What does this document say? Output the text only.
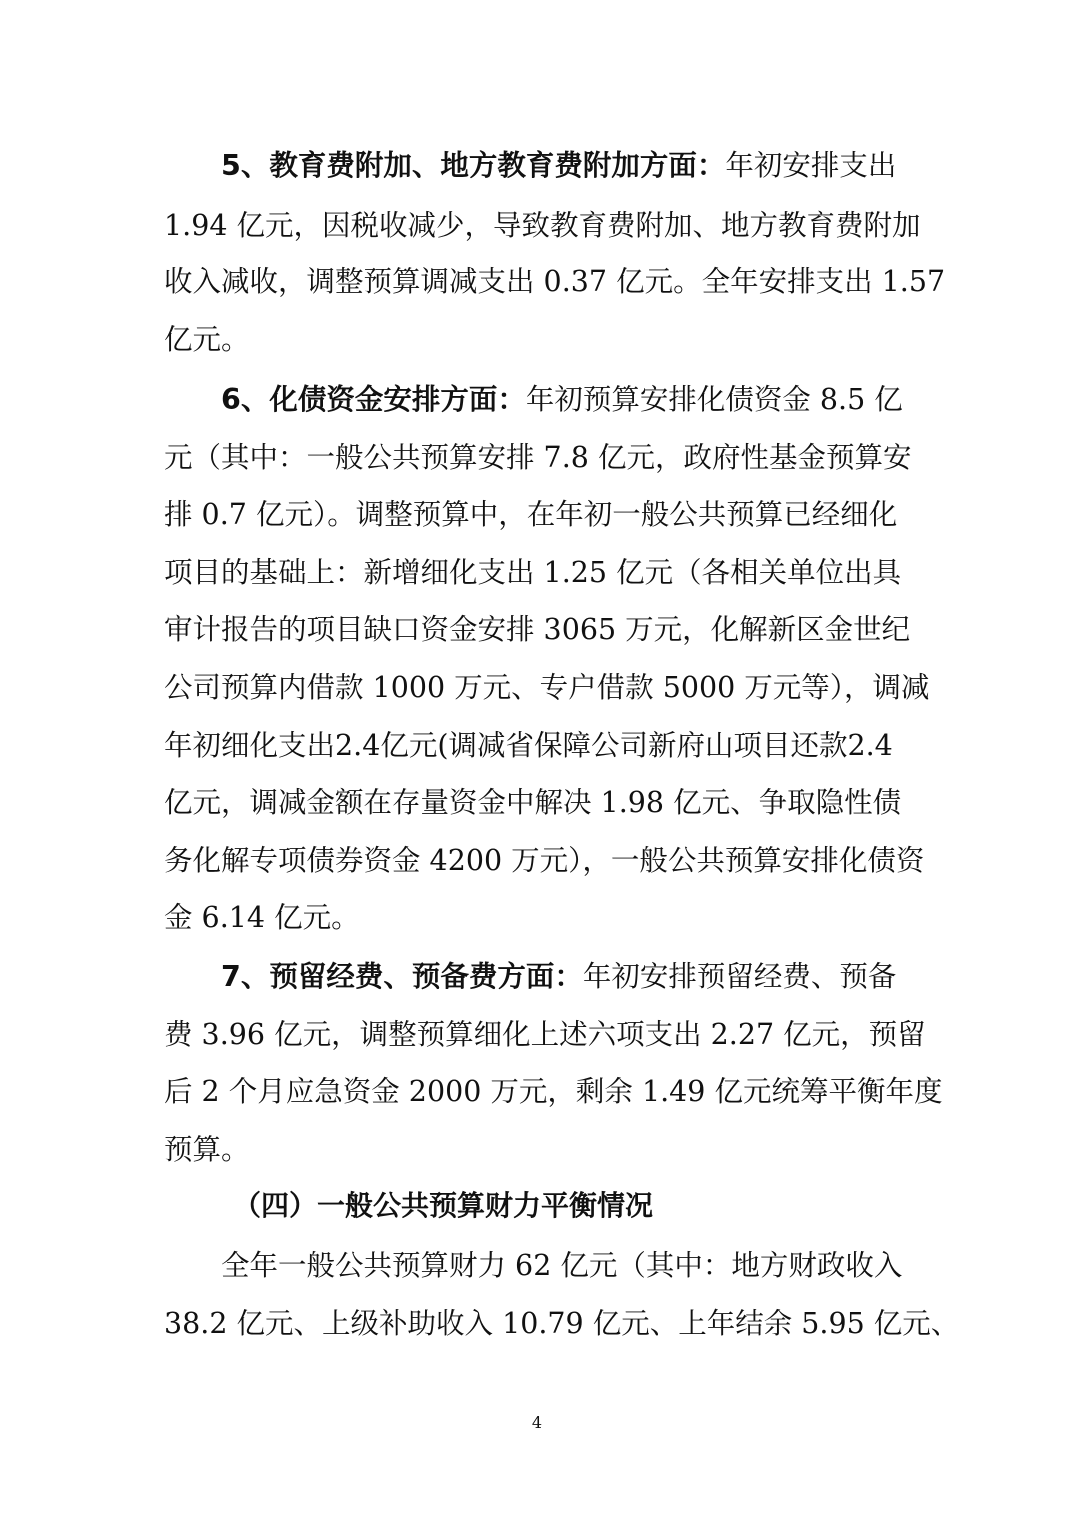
5、教育费附加、地方教育费附加方面：年初安排支出
1.94 亿元，因税收减少，导致教育费附加、地方教育费附加
收入减收，调整预算调减支出 0.37 亿元。全年安排支出 1.57
亿元。
6、化债资金安排方面：年初预算安排化债资金 8.5 亿
元（其中：一般公共预算安排 7.8 亿元，政府性基金预算安
排 0.7 亿元）。调整预算中，在年初一般公共预算已经细化
项目的基础上：新增细化支出 1.25 亿元（各相关单位出具
审计报告的项目缺口资金安排 3065 万元，化解新区金世纪
公司预算内借款 1000 万元、专户借款 5000 万元等），调减
年初细化支出2.4亿元(调减省保障公司新府山项目还款2.4
亿元，调减金额在存量资金中解决 1.98 亿元、争取隐性债
务化解专项债券资金 4200 万元），一般公共预算安排化债资
金 6.14 亿元。
7、预留经费、预备费方面：年初安排预留经费、预备
费 3.96 亿元，调整预算细化上述六项支出 2.27 亿元，预留
后 2 个月应急资金 2000 万元，剩余 1.49 亿元统筹平衡年度
预算。
（四）一般公共预算财力平衡情况
全年一般公共预算财力 62 亿元（其中：地方财政收入
38.2 亿元、上级补助收入 10.79 亿元、上年结余 5.95 亿元、
4
